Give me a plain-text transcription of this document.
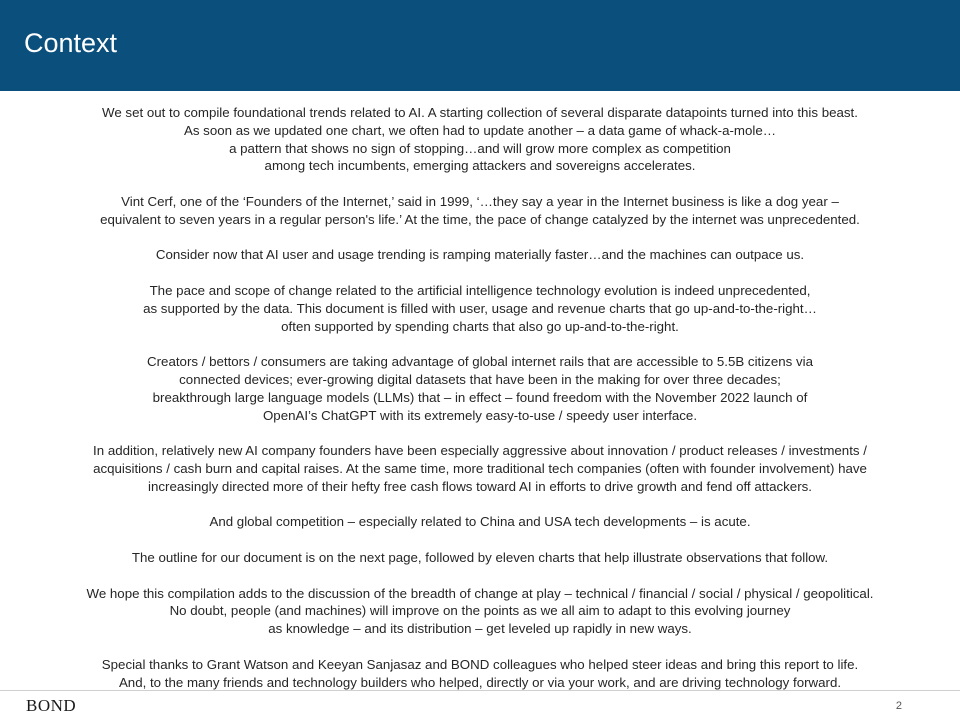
Context

We set out to compile foundational trends related to AI. A starting collection of several disparate datapoints turned into this beast.
As soon as we updated one chart, we often had to update another – a data game of whack-a-mole…
a pattern that shows no sign of stopping…and will grow more complex as competition
among tech incumbents, emerging attackers and sovereigns accelerates.

Vint Cerf, one of the ‘Founders of the Internet,’ said in 1999, ‘…they say a year in the Internet business is like a dog year –
equivalent to seven years in a regular person's life.’ At the time, the pace of change catalyzed by the internet was unprecedented.

Consider now that AI user and usage trending is ramping materially faster…and the machines can outpace us.

The pace and scope of change related to the artificial intelligence technology evolution is indeed unprecedented,
as supported by the data. This document is filled with user, usage and revenue charts that go up-and-to-the-right…
often supported by spending charts that also go up-and-to-the-right.

Creators / bettors / consumers are taking advantage of global internet rails that are accessible to 5.5B citizens via
connected devices; ever-growing digital datasets that have been in the making for over three decades;
breakthrough large language models (LLMs) that – in effect – found freedom with the November 2022 launch of
OpenAI’s ChatGPT with its extremely easy-to-use / speedy user interface.

In addition, relatively new AI company founders have been especially aggressive about innovation / product releases / investments /
acquisitions / cash burn and capital raises. At the same time, more traditional tech companies (often with founder involvement) have
increasingly directed more of their hefty free cash flows toward AI in efforts to drive growth and fend off attackers.

And global competition – especially related to China and USA tech developments – is acute.

The outline for our document is on the next page, followed by eleven charts that help illustrate observations that follow.

We hope this compilation adds to the discussion of the breadth of change at play – technical / financial / social / physical / geopolitical.
No doubt, people (and machines) will improve on the points as we all aim to adapt to this evolving journey
as knowledge – and its distribution – get leveled up rapidly in new ways.

Special thanks to Grant Watson and Keeyan Sanjasaz and BOND colleagues who helped steer ideas and bring this report to life.
And, to the many friends and technology builders who helped, directly or via your work, and are driving technology forward.

BOND	2
